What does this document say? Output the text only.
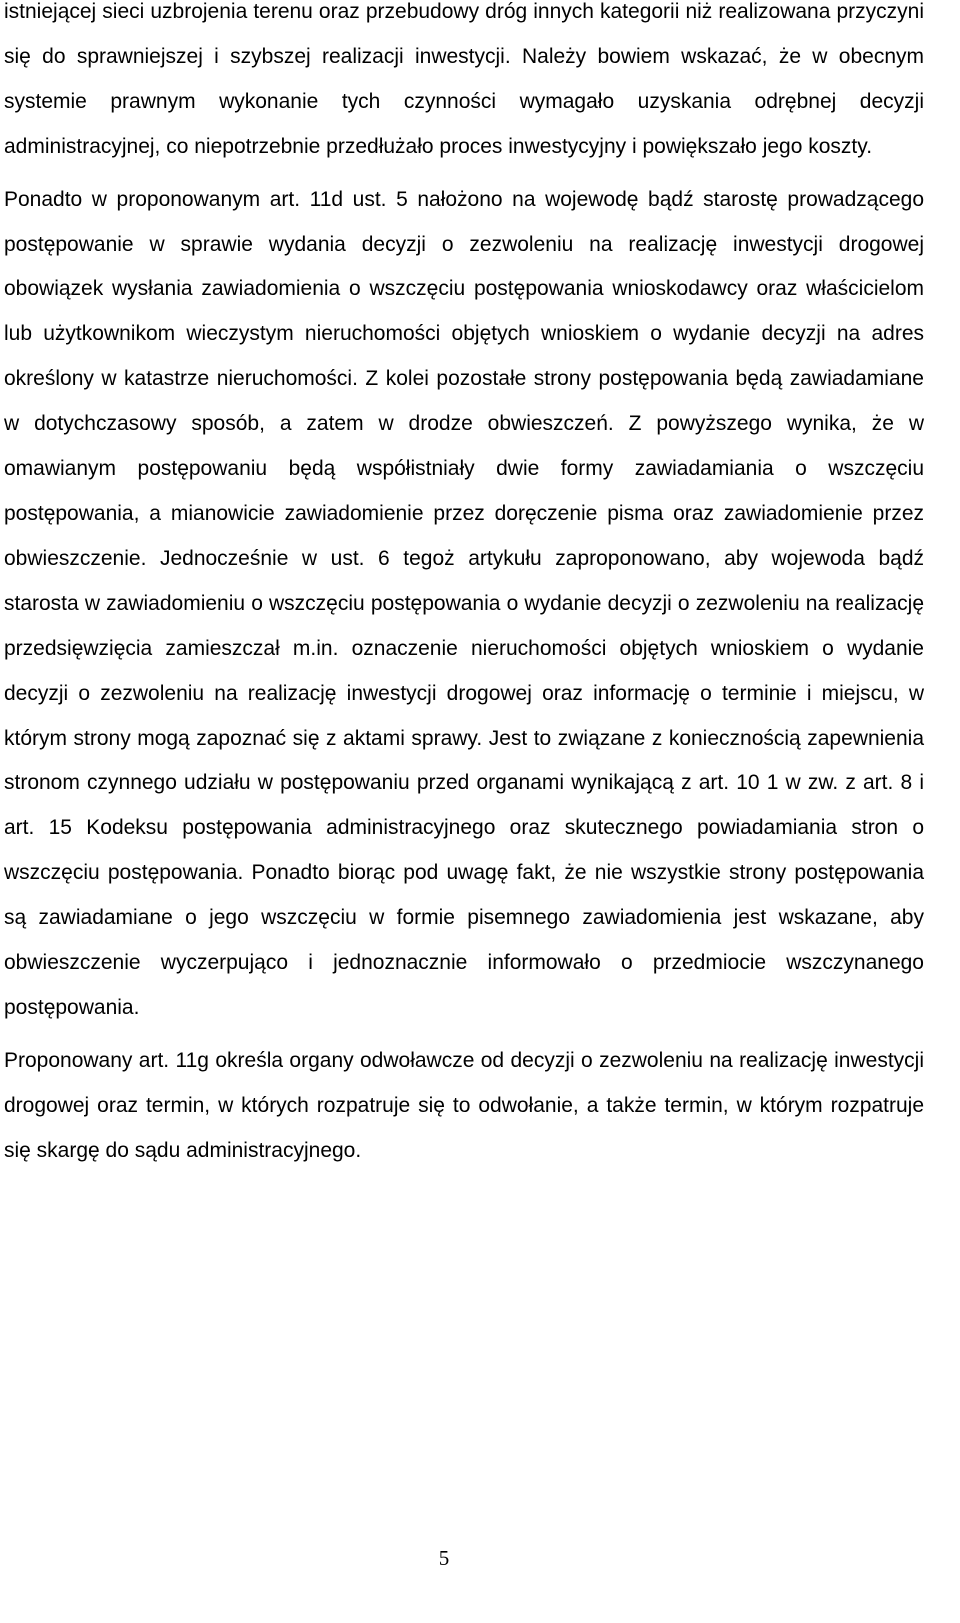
istniejącej sieci uzbrojenia terenu oraz przebudowy dróg innych kategorii niż realizowana przyczyni się do sprawniejszej i szybszej realizacji inwestycji. Należy bowiem wskazać, że w obecnym systemie prawnym wykonanie tych czynności wymagało uzyskania odrębnej decyzji administracyjnej, co niepotrzebnie przedłużało proces inwestycyjny i powiększało jego koszty.

Ponadto w proponowanym art. 11d ust. 5 nałożono na wojewodę bądź starostę prowadzącego postępowanie w sprawie wydania decyzji o zezwoleniu na realizację inwestycji drogowej obowiązek wysłania zawiadomienia o wszczęciu postępowania wnioskodawcy oraz właścicielom lub użytkownikom wieczystym nieruchomości objętych wnioskiem o wydanie decyzji na adres określony w katastrze nieruchomości. Z kolei pozostałe strony postępowania będą zawiadamiane w dotychczasowy sposób, a zatem w drodze obwieszczeń. Z powyższego wynika, że w omawianym postępowaniu będą współistniały dwie formy zawiadamiania o wszczęciu postępowania, a mianowicie zawiadomienie przez doręczenie pisma oraz zawiadomienie przez obwieszczenie. Jednocześnie w ust. 6 tegoż artykułu zaproponowano, aby wojewoda bądź starosta w zawiadomieniu o wszczęciu postępowania o wydanie decyzji o zezwoleniu na realizację przedsięwzięcia zamieszczał m.in. oznaczenie nieruchomości objętych wnioskiem o wydanie decyzji o zezwoleniu na realizację inwestycji drogowej oraz informację o terminie i miejscu, w którym strony mogą zapoznać się z aktami sprawy. Jest to związane z koniecznością zapewnienia stronom czynnego udziału w postępowaniu przed organami wynikającą z art. 10 1 w zw. z art. 8 i art. 15 Kodeksu postępowania administracyjnego oraz skutecznego powiadamiania stron o wszczęciu postępowania. Ponadto biorąc pod uwagę fakt, że nie wszystkie strony postępowania są zawiadamiane o jego wszczęciu w formie pisemnego zawiadomienia jest wskazane, aby obwieszczenie wyczerpująco i jednoznacznie informowało o przedmiocie wszczynanego postępowania.

Proponowany art. 11g określa organy odwoławcze od decyzji o zezwoleniu na realizację inwestycji drogowej oraz termin, w których rozpatruje się to odwołanie, a także termin, w którym rozpatruje się skargę do sądu administracyjnego.

5
